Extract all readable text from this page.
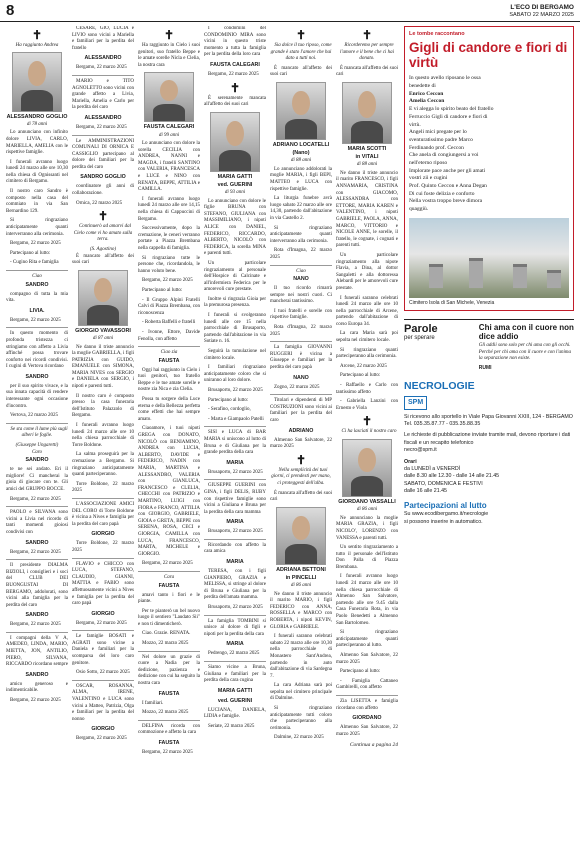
8	L'ECO DI BERGAMO
SABATO 22 MARZO 2025
✝
Ha raggiunto Andrea
ALESSANDRO GOGLIO
di 78 anni

Lo annunciano con infinito dolore LIVIA, CARLO, MARIELLA, AMELIA con le rispettive famiglie.

I funerali avranno luogo lunedì 24 marzo alle ore 10,30 nella chiesa di Ognissanti nel cimitero di Bergamo.

Il nostro caro Sandro è composto nella casa del commiato in via San Bernardino 129.

Si ringraziano anticipatamente quanti interverranno alla cerimonia.

Bergamo, 22 marzo 2025

Partecipano al lutto:

- Cugino Rita e famiglia

Ciao
SANDRO

compagno di tutta la mia vita.

LIVIA.

Bergamo, 22 marzo 2025

In questo momento di profonda tristezza ci stringiamo con affetto a Livia affinché possa trovare conforto nei ricordi condivisi. I cugini di Vertova ricordano

SANDRO

per il suo spirito vivace, e la sua innata capacità di rendere interessante ogni occasione d'incontro.

Vertova, 22 marzo 2025

Se sta come il lume più sugli alberi le foglie.

(Giuseppe Ungaretti)
Caro
SANDRO

te ne sei andato. Eri il migliore! Ci mancherai la gioia di giocare con te. Gli amici del GRUPPO BOCCE.

Bergamo, 22 marzo 2025

PAOLO e SILVANA sono vicini a Livia nel ricordo di tanti momenti gioiosi condivisi con

SANDRO

Bergamo, 22 marzo 2025

Il presidente DIALMA BIZIOLI, i consiglieri e i soci del CLUB DEI BUONGUSTAI DI BERGAMO, addolorati, sono vicini alla famiglia per la perdita del caro

SANDRO

Bergamo, 22 marzo 2025

I compagni della V A, AMEDEO, LINDA, MARIO, MIETTA, JON, ANTILIO, PIERO, SILVANA, RICCARDO ricordano sempre

SANDRO

amico generoso e indimenticabile.

Bergamo, 22 marzo 2025

CESARE, GIO, LUCIA e LIVIO sono vicini a Mariella e familiari per la perdita del fratello

ALESSANDRO

Bergamo, 22 marzo 2025

MARIO e TITO AGNOLETTO sono vicini con grande affetto a Livia, Mariella, Amelia e Carlo per la perdita del caro

ALESSANDRO

Bergamo, 22 marzo 2025

Le AMMINISTRAZIONI COMUNALI DI ORNICA E CASSIGLIO partecipano al dolore dei familiari per la perdita del caro

SANDRO GOGLIO

coordinatore gli anni di collaborazione.

Ornica, 22 marzo 2025

✝

Continuerò ad amarvi dal Cielo come vi ho amato sulla terra.

(S. Agostino)

È mancato all'affetto dei suoi cari

GIORGIO VAVASSORI
di 87 anni

Ne danno il triste annuncio la moglie GABRIELLA, i figli PATRIZIA con GUIDO, EMANUELE con SIMONA, MARIA NIVES con SERGIO e DANIELA con SERGIO, i nipoti e parenti tutti.

Il nostro caro è composto presso la casa funeraria dell'Istituto Palazzolo di Bergamo.

I funerali avranno luogo lunedì 24 marzo alle ore 10 nella chiesa parrocchiale di Torre Boldone.

La salma proseguirà per la cremazione a Bergamo. Si ringraziano anticipatamente quanti parteciperanno.

Torre Boldone, 22 marzo 2025

L'ASSOCIAZIONE AMICI DEL CORO di Torre Boldone è vicina a Nives e famiglia per la perdita del caro papà

GIORGIO

Torre Boldone, 22 marzo 2025

FLAVIO e CHICCO con LUCA, STEFANO, CLAUDIO, GIANNI, MATTIA e FABIO sono affettuosamente vicini a Nives e famiglia per la perdita del caro papà

GIORGIO

Bergamo, 22 marzo 2025

Le famiglie BOSATI e AGRATI sono vicine a Daniela e familiari per la scomparsa del loro caro genitore.

Osio Sotto, 22 marzo 2025

OSCAR, ROSANNA, ALMA, IRENE, VALENTINO e LUCA sono vicini a Matteo, Patrizia, Olga e familiari per la perdita del nonno

GIORGIO

Bergamo, 22 marzo 2025

✝

Ha raggiunto in Cielo i suoi genitori, suo fratello Beppe e le amate sorelle Nicla e Clelia, la nostra cara

FAUSTA CALEGARI
di 99 anni

Lo annunciano con dolore la sorella CECILIA con ANDREA, NANNI e MAGDA, i fratelli SANTINO con VALERIA, FRANCESCA e LUCE e NINO con RENATA, BEPPE, ATTILIA e CAMILLA.

I funerali avranno luogo lunedì 24 marzo alle ore 14,15 nella chiesa di Cappuccini di Bergamo.

Successivamente, dopo la cremazione, le ceneri verranno portate a Piazza Brembana nella cappella di famiglia.

Si ringraziano tutte le persone che, ricordandola, le hanno voluto bene.

Bergamo, 22 marzo 2025

Partecipano al lutto:

- Il Gruppo Alpini Fratelli Calvi di Piazza Brembana, con riconoscenza

- Roberta Baffelli e fratelli

- Ivonne, Ettore, Davide Fenolla, con affetto

Ciao zia
FAUSTA

Oggi hai raggiunto in Cielo i tuoi genitori, tuo fratello Beppe e le tue amate sorelle e nostre zia Nica e zia Clelia.

Possa tu sorgere della Luce eterna e della Bellezza perfetta come effetti che hai sempre amato.

Ciaoamore, i tuoi nipoti GREGA con DONATO, NICOLÒ con BENIAMINO, ANDREA con LUCIA, ALBERTO, DAVIDE e FEDERICO, NADIN con MARIA, MARTINA e ALESSANDRO, VALERIA con GIANLUCA, FRANCESCO e CLELIA, CHECCHI con PATRIZIO e MARTINO, LUIGI con FIORA e FRANCO, ATTILIA con GIORGIO, GABRIELE, GIOIA e GRETA, BEPPE con SERENA, ROSA, CECI e GIORGIA, CAMILLA con LUCA, FRANCESCO, MARTA, MICHELE e GIORGIO.

Bergamo, 22 marzo 2025

Cara
FAUSTA

amavi tanto i fiori e le piante.

Per te pianterò un bel nuovo luogo il sentiero "Laudato Sii" e non ti dimenticherò.

Ciao. Grazie. RENATA.

Mozzo, 22 marzo 2025

Nel dolore un grazie di cuore a Nadia per la dedizione, pazienza e dedizione con cui ha seguito la nostra cara

FAUSTA

I familiari.

Mozzo, 22 marzo 2025

DELFINA ricorda con commozione e affetto la cara

FAUSTA

Bergamo, 22 marzo 2025

I condòmini del CONDOMINIO MIRA sono vicini in questo triste momento a tutta la famiglia per la perdita della loro cara

FAUSTA CALEGARI

Bergamo, 22 marzo 2025

✝

È serenamente mancata all'affetto dei suoi cari

MARIA GATTI
ved. GUERINI
di 93 anni

Lo annunciano con dolore le figlie BRUNA con STEFANO, GIULIANA con MASSIMILIANO, i nipoti ALICE con DANIEL, FEDERICO, RICCARDO, ALBERTO, NICOLÒ con FEDERICA, la sorella MINA e parenti tutti.

Un particolare ringraziamento al personale dell'Hospice di Calcinate e all'infermiera Federica per le amorevoli cure prestate.

Inoltre si ringrazia Gioia per la premurosa presenza.

I funerali si svolgeranno lunedì alle ore 15 nella parrocchiale di Brusaporto, partendo dall'abitazione in via Sotiate n. 16.

Seguirà la tumulazione nel cimitero locale.

I familiari ringraziano anticipatamente coloro che si uniranno al loro dolore.

Brusaporto, 22 marzo 2025

Partecipano al lutto:

- Serafino, cordoglio,

- Marta e Giampaolo Patelli

SISI e LUCA di BAR MARIA si uniscono al lutto di Bruna e di Giuliana per la grande perdita della cara

MARIA

Brusaporto, 22 marzo 2025

GIUSEPPE GUERINI con GINA, i figli DELIS, RUBY con rispettive famiglie sono vicini a Giuliana e Bruna per la perdita della cara mamma

MARIA

Brusaporto, 22 marzo 2025

Ricordando con affetto la cara amica

MARIA

TERESA, con i figli GIANPIERO, GRAZIA e MELISSA, si stringe al dolore di Bruna e Giuliana per la perdita dell'amata mamma.

Brusaporto, 22 marzo 2025

La famiglia TOMBINI si unisce al dolore di figli e nipoti per la perdita della cara

MARIA

Pedrengo, 22 marzo 2025

Siamo vicine a Bruna, Giuliana e familiari per la perdita della cara cugina

MARIA GATTI
ved. GUERINI

LUCIANA, DANIELA, LIDIA e famiglie.

Seriate, 22 marzo 2025

✝

Sia dolce il tuo riposo, come grande è stato l'amore che hai dato a tutti noi.

È mancato all'affetto dei suoi cari

ADRIANO LOCATELLI
(Nano)
di 88 anni

Lo annunciano addolorati la moglie MARIA, i figli BEPI, MATTEO e LUCA con rispettive famiglie.

La liturgia funebre avrà luogo sabato 22 marzo alle ore 14,30, partendo dall'abitazione in via Castello 2.

Si ringraziano anticipatamente quanti interverranno alla cerimonia.

Rota d'Imagna, 22 marzo 2025

Ciao
NANO

Il tuo ricordo rimarrà sempre nei nostri cuori. Ci mancherai tantissimo.

I tuoi fratelli e sorelle con rispettive famiglie.

Rota d'Imagna, 22 marzo 2025

La famiglia GIOVANNI RUGGERI è vicina a Giuseppe e familiari per la perdita del caro papà

NANO

Zogno, 22 marzo 2025

Titolari e dipendenti di MP COSTRUZIONI sono vicini ai familiari per la perdita del caro

ADRIANO

Almenno San Salvatore, 22 marzo 2025

✝

Nella semplicità dei tuoi giorni, ci prendesti per mano, ci proteggesti dell'alba.

È mancata all'affetto dei suoi cari

ADRIANA BETTONI
in PINCELLI
di 86 anni

Ne danno il triste annuncio il marito MARIO, i figli FEDERICO con ANNA, ROSSELLA e MARCO con ROBERTA, i nipoti KEVIN, GLORIA e GABRIELE.

I funerali saranno celebrati sabato 22 marzo alle ore 10,30 nella parrocchiale di Monastero Sant'Andrea, partendo in auto dall'abitazione di via Sardegna 7.

La cara Adriana sarà poi sepolta nel cimitero principale di Dalmine.

Si ringraziano anticipatamente tutti coloro che parteciperanno alla cerimonia.

Dalmine, 22 marzo 2025

✝

Ricorderemo per sempre l'amore e il bene che ci hai donato.

È mancata all'affetto dei suoi cari

MARIA SCOTTI
in VITALI
di 88 anni

Ne danno il triste annuncio il marito FRANCESCO, i figli ANNAMARIA, CRISTINA con GIACOMO, ALESSANDRA con ETTORE, MARIA KAREN e VALENTINO, i nipoti GABRIELE, PAOLA, ANNA, MARCO, VITTORIO e NICOLE ANNE, le sorelle, il fratello, le cognate, i cognati e parenti tutti.

Un particolare ringraziamento alla nipote Flavia, a Dina, al dottor Sangaletti e alla dottoressa Alebardi per le amorevoli cure prestate.

I funerali saranno celebrati lunedì 24 marzo alle ore 10 nella parrocchiale di Arcene, partendo dall'abitazione di corso Europa 34.

La cara Maria sarà poi sepolta nel cimitero locale.

Si ringraziano quanti parteciperanno alla cerimonia.

Arcene, 22 marzo 2025

Partecipano al lutto:

- Raffaello e Carlo con tantissimo affetto

- Gabriella Lanzini con Ernesto e Viola

✝

Ci ha lasciati il nostro caro

GIORDANO VASSALLI
di 86 anni

Ne annunciano la moglie MARIA GRAZIA, i figli NICOLO', LORENZO con VANESSA e parenti tutti.

Un sentito ringraziamento a tutto il personale dell'Istituto Don Palla di Piazza Brembana.

I funerali avranno luogo lunedì 24 marzo alle ore 10 nella chiesa parrocchiale di Almenno San Salvatore, partendo alle ore 9.45 dalla Casa Funeraria Rota, in via Paolo Benedetti a Almenno San Bartolomeo.

Si ringraziano anticipatamente quanti parteciperanno al lutto.

Almenno San Salvatore, 22 marzo 2025

Partecipano al lutto:

- Famiglia Cattaneo Gambirelli, con affetto

Zia LISETTA e famiglia ricordano con affetto

GIORDANO

Almenno San Salvatore, 22 marzo 2025

Continua a pagina 24
Le tombe raccontano
Gigli di candore e fiori di virtù
In questo avello riposano le ossa
benedette di
Enrico Ceccon
Amelia Ceccon
E vi alegga lo spirito beato del fratello
Ferruccio Gigli di candore e fiori di
virtù.
Angeli mici pregate per lo
sventuratissimo padre Marco
Ferdinando prof. Ceccon
Che anela di congiungersi a voi
nell'eterno riposo
Implorate pace anche per gli amati
vostri zii e cugini
Prof. Quinto Ceccon e Anna Degan
Di cui foste delizia e conforto
Nella vostra troppo breve dimora
quaggiù.
Cimitero Isola di San Michele, Venezia
Parole
per sperare
Chi ama con il cuore non dice addio
Gli addii sono solo per chi ama con gli occhi. Perché per chi ama con il cuore e con l'anima la separazione non esiste.
RUMI
NECROLOGIE
SPM
Si ricevono allo sportello in Viale Papa Giovanni XXIII, 124 - BERGAMO Tel. 035.35.87.77 - 035.35.88.35
Le richieste di pubblicazione inviate tramite mail, devono riportare i dati fiscali e un recapito telefonico
necro@spm.it
Orari
da LUNEDÌ a VENERDÌ
dalle 8.30 alle 12.30 - dalle 14 alle 21.45
SABATO, DOMENICA E FESTIVI
dalle 16 alle 21.45
Partecipazioni al lutto
Su www.ecodibergamo.it/necrologie
si possono inserire in automatico.
